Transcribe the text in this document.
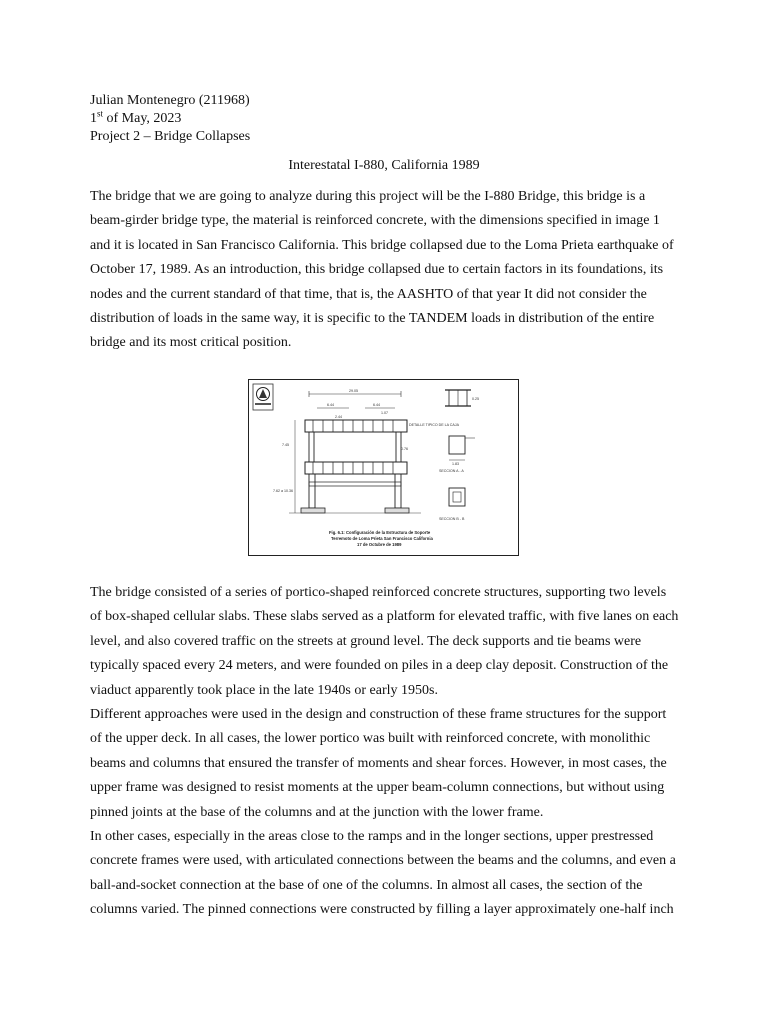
Julian Montenegro (211968)
1st of May, 2023
Project 2 – Bridge Collapses
Interestatal I-880, California 1989

The bridge that we are going to analyze during this project will be the I-880 Bridge, this bridge is a beam-girder bridge type, the material is reinforced concrete, with the dimensions specified in image 1 and it is located in San Francisco California. This bridge collapsed due to the Loma Prieta earthquake of October 17, 1989. As an introduction, this bridge collapsed due to certain factors in its foundations, its nodes and the current standard of that time, that is, the AASHTO of that year It did not consider the distribution of loads in the same way, it is specific to the TANDEM loads in distribution of the entire bridge and its most critical position.

29.05
6.44	6.44
1.07
2.44
0.76
7.45
7.62 a 10.36
0.25
DETALLE TIPICO DE LA CAJA
1.83
SECCION A - A
SECCION B - B
Fig. 6.1: Configuración de la Estructura de Soporte
Terremoto de Loma Prieta San Francisco California
17 de Octubre de 1989

The bridge consisted of a series of portico-shaped reinforced concrete structures, supporting two levels of box-shaped cellular slabs. These slabs served as a platform for elevated traffic, with five lanes on each level, and also covered traffic on the streets at ground level. The deck supports and tie beams were typically spaced every 24 meters, and were founded on piles in a deep clay deposit. Construction of the viaduct apparently took place in the late 1940s or early 1950s.

Different approaches were used in the design and construction of these frame structures for the support of the upper deck. In all cases, the lower portico was built with reinforced concrete, with monolithic beams and columns that ensured the transfer of moments and shear forces. However, in most cases, the upper frame was designed to resist moments at the upper beam-column connections, but without using pinned joints at the base of the columns and at the junction with the lower frame.

In other cases, especially in the areas close to the ramps and in the longer sections, upper prestressed concrete frames were used, with articulated connections between the beams and the columns, and even a ball-and-socket connection at the base of one of the columns. In almost all cases, the section of the columns varied. The pinned connections were constructed by filling a layer approximately one-half inch
